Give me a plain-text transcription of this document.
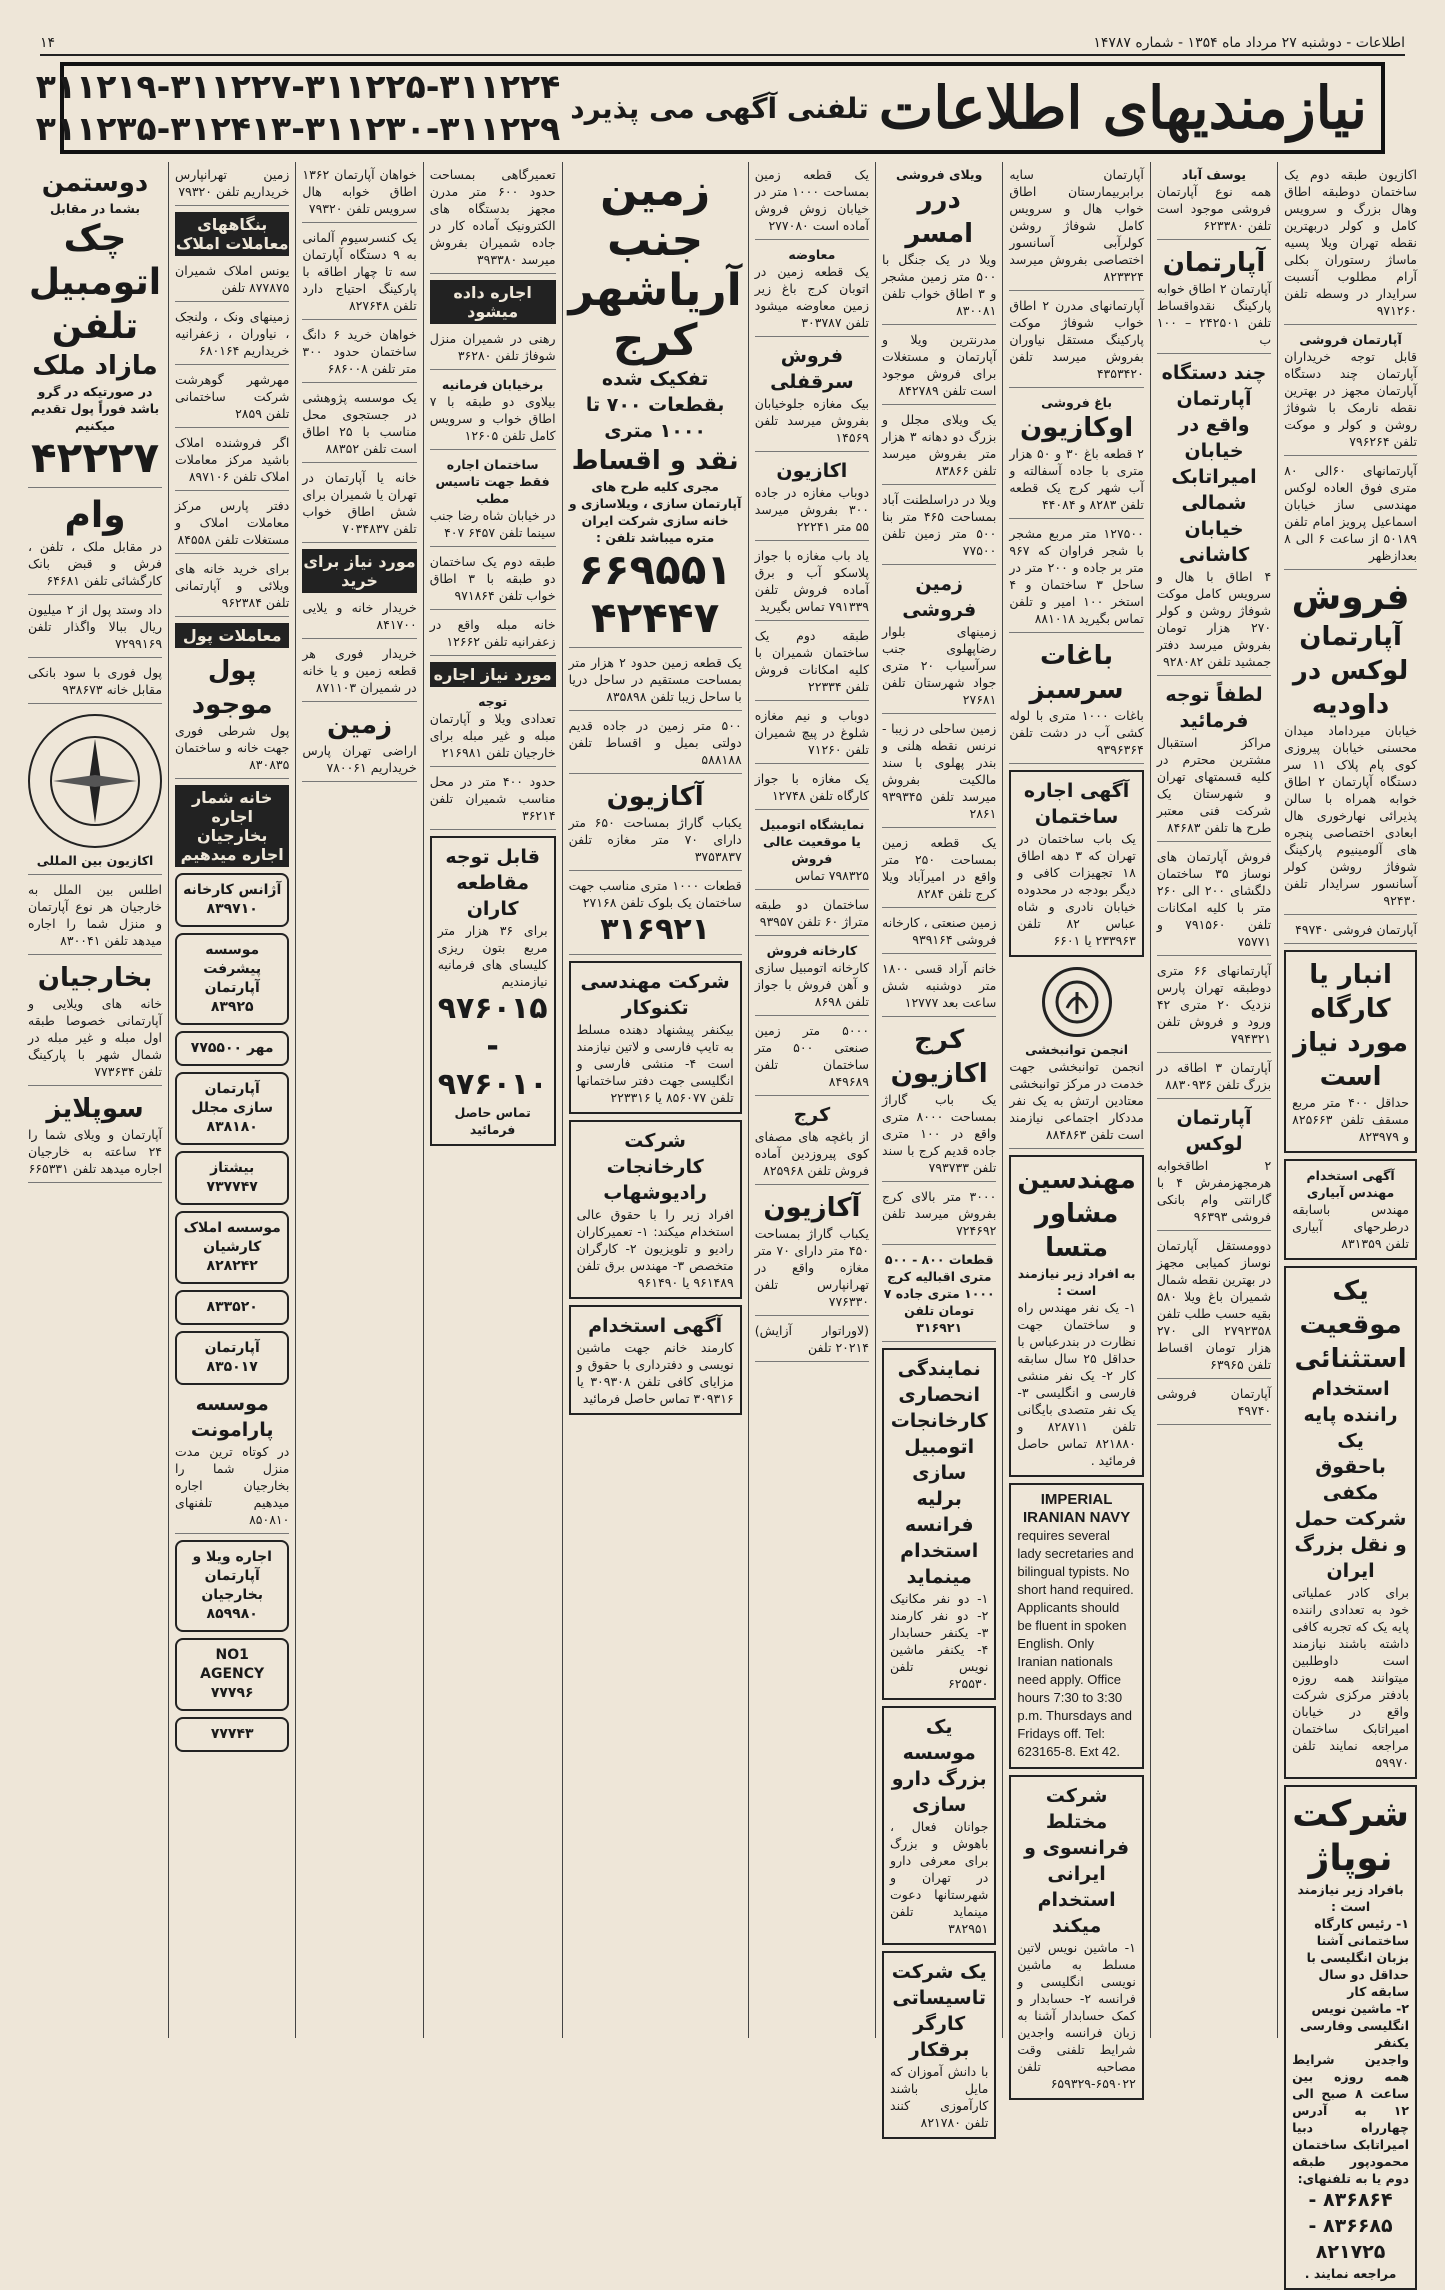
اطلاعات - دوشنبه ۲۷ مرداد ماه ۱۳۵۴ - شماره ۱۴۷۸۷
۱۴
نیازمندیهای اطلاعات
تلفنی آگهی می پذیرد
۳۱۱۲۱۹-۳۱۱۲۲۷-۳۱۱۲۲۵-۳۱۱۲۲۴
۳۱۱۲۳۵-۳۱۲۴۱۳-۳۱۱۲۳۰-۳۱۱۲۲۹
اکازیون طبقه دوم یک ساختمان دوطبقه اطاق وهال بزرگ و سرویس کامل و کولر دربهترین نقطه تهران ویلا پسیه ماساژ رستوران بکلی آرام مطلوب آنسبت سرایدار در وسطه تلفن ۹۷۱۲۶۰
آپارتمان فروشی
قابل توجه خریداران آپارتمان چند دستگاه آپارتمان مجهز در بهترین نقطه نارمک با شوفاژ روشن و کولر و موکت تلفن ۷۹۶۲۶۴
آپارتمانهای ۶۰الی ۸۰ متری فوق العاده لوکس مهندسی ساز خیابان اسماعیل پرویز امام تلفن ۵۰۱۸۹ از ساعت ۶ الی ۸ بعدازظهر
فروش
آپارتمان
لوکس در
داودیه
خیابان میرداماد میدان محسنی خیابان پیروزی کوی پام پلاک ۱۱ سر دستگاه آپارتمان ۲ اطاق خوابه همراه با سالن پذیرائی نهارخوری هال ابعادی اختصاصی پنجره های آلومینیوم پارکینگ شوفاژ روشن کولر آسانسور سرایدار تلفن ۹۲۴۳۰
آپارتمان فروشی ۴۹۷۴۰
انبار یا کارگاه
مورد نیاز است
حداقل ۴۰۰ متر مربع مسقف تلفن ۸۲۵۶۶۳ و ۸۲۳۹۷۹
آگهی استخدام مهندس آبیاری
مهندس باسابقه درطرحهای آبیاری تلفن ۸۳۱۳۵۹
یک موقعیت استثنائی
استخدام راننده پایه یک
باحقوق مکفی
شرکت حمل و نقل بزرگ ایران
برای کادر عملیاتی خود به تعدادی راننده پایه یک که تجربه کافی داشته باشند نیازمند است داوطلبین میتوانند همه روزه بادفتر مرکزی شرکت واقع در خیابان امیراتابک ساختمان مراجعه نمایند تلفن ۵۹۹۷۰
شرکت نوپاژ
بافراد زیر نیازمند است :
۱- رئیس کارگاه ساختمانی آشنا بزبان انگلیسی با حداقل دو سال سابقه کار
۲- ماشین نویس انگلیسی وفارسی یکنفر
واجدین شرایط همه روزه بین ساعت ۸ صبح الی ۱۲ به آدرس چهارراه دبیا امیراتابک ساختمان محمودپور طبقه دوم یا به تلفنهای:
۸۳۶۸۶۴ - ۸۳۶۶۸۵ - ۸۲۱۷۲۵
مراجعه نمایند .
یوسف آباد
همه نوع آپارتمان فروشی موجود است تلفن ۶۲۳۳۸۰
آپارتمان
آپارتمان ۲ اطاق خوابه پارکینگ نقدواقساط تلفن ۲۴۲۵۰۱ – ۱۰۰ ب
چند دستگاه آپارتمان واقع در خیابان امیراتابک شمالی خیابان کاشانی
۴ اطاق با هال و سرویس کامل موکت شوفاژ روشن و کولر ۲۷۰ هزار تومان بفروش میرسد دفتر جمشید تلفن ۹۲۸۰۸۲
لطفاً توجه فرمائید
مراکز استقبال مشترین محترم در کلیه قسمتهای تهران و شهرستان یک شرکت فنی معتبر طرح ها تلفن ۸۴۶۸۳
فروش آپارتمان های نوساز ۳۵ ساختمان دلگشای ۲۰۰ الی ۲۶۰ متر با کلیه امکانات تلفن ۷۹۱۵۶۰ و ۷۵۷۷۱
آپارتمانهای ۶۶ متری دوطبقه تهران پارس نزدیک ۲۰ متری ۴۲ ورود و فروش تلفن ۷۹۴۳۲۱
آپارتمان ۳ اطاقه در بزرگ تلفن ۸۸۳۰۹۳۶
آپارتمان لوکس
۲ اطاقخوابه هرمجهزمفرش ۴ با گارانتی وام بانکی فروشی ۹۶۳۹۳
دوومستقل آپارتمان نوساز کمیابی مجهز در بهترین نقطه شمال شمیران باغ ویلا ۵۸۰ بقیه حسب طلب تلفن ۲۷۹۲۳۵۸ الی ۲۷۰ هزار تومان اقساط تلفن ۶۳۹۶۵
آپارتمان فروشی ۴۹۷۴۰
آپارتمان سایه برابربیمارستان اطاق خواب هال و سرویس کامل شوفاژ روشن کولرآبی آسانسور اختصاصی بفروش میرسد ۸۲۳۳۲۴
آپارتمانهای مدرن ۲ اطاق خواب شوفاژ موکت پارکینگ مستقل نیاوران بفروش میرسد تلفن ۴۳۵۳۴۲۰
باغ فروشی
اوکازیون
۲ قطعه باغ ۳۰ و ۵۰ هزار متری با جاده آسفالته و آب شهر کرج یک قطعه تلفن ۸۲۸۳ و ۴۴۰۸۴
۱۲۷۵۰۰ متر مربع مشجر با شجر فراوان که ۹۶۷ متر بر جاده و ۲۰۰ متر در ساحل ۳ ساختمان و ۴ استخر ۱۰۰ امیر و تلفن تماس بگیرید ۸۸۱۰۱۸
باغات
سرسبز
باغات ۱۰۰۰ متری با لوله کشی آب در دشت تلفن ۹۳۹۶۳۶۴
آگهی اجاره ساختمان
یک باب ساختمان در تهران که ۳ دهه اطاق ۱۸ تجهیزات کافی و دیگر بودجه در محدوده خیابان نادری و شاه عباس ۸۲ تلفن ۲۳۳۹۶۳ یا ۶۶۰۱
انجمن توانبخشی
انجمن توانبخشی جهت خدمت در مرکز توانبخشی معتادین ارتش به یک نفر مددکار اجتماعی نیازمند است تلفن ۸۸۴۸۶۳
مهندسین مشاور متسا
به افراد زیر نیازمند است :
۱- یک نفر مهندس راه و ساختمان جهت نظارت در بندرعباس با حداقل ۲۵ سال سابقه کار ۲- یک نفر منشی فارسی و انگلیسی ۳- یک نفر متصدی بایگانی تلفن ۸۲۸۷۱۱ و ۸۲۱۸۸۰ تماس حاصل فرمائید .
IMPERIAL IRANIAN NAVY
requires several lady secretaries and bilingual typists. No short hand required. Applicants should be fluent in spoken English. Only Iranian nationals need apply. Office hours 7:30 to 3:30 p.m. Thursdays and Fridays off. Tel: 623165-8. Ext 42.
شرکت مختلط فرانسوی و ایرانی استخدام میکند
۱- ماشین نویس لاتین مسلط به ماشین نویسی انگلیسی و فرانسه ۲- حسابدار و کمک حسابدار آشنا به زبان فرانسه واجدین شرایط تلفنی وقت مصاحبه تلفن ۶۵۹۰۲۲-۶۵۹۳۲۹
ویلای فروشی
درر امسر
ویلا در یک جنگل با ۵۰۰ متر زمین مشجر و ۳ اطاق خواب تلفن ۸۳۰۰۸۱
مدرنترین ویلا و آپارتمان و مستغلات برای فروش موجود است تلفن ۸۴۲۷۸۹
یک ویلای مجلل و بزرگ دو دهانه ۳ هزار متر بفروش میرسد تلفن ۸۳۸۶۶
ویلا در دراسلطنت آباد بمساحت ۴۶۵ متر بنا ۵۰۰ متر زمین تلفن ۷۷۵۰۰
زمین فروشی
زمینهای بلوار رضاپهلوی جنب سرآسیاب ۲۰ متری جواد شهرستان تلفن ۲۷۶۸۱
زمین ساحلی در زیبا - نرنس نقطه هلنی و بندر پهلوی با سند مالکیت بفروش میرسد تلفن ۹۳۹۳۴۵ ۲۸۶۱
یک قطعه زمین بمساحت ۲۵۰ متر واقع در امیرآباد ویلا کرج تلفن ۸۲۸۴
زمین صنعتی ، کارخانه فروشی ۹۳۹۱۶۴
خانم آراد قسی ۱۸۰۰ متر دوشنبه شش ساعت بعد ۱۲۷۷۷
کرج
اکازیون
یک باب گاراژ بمساحت ۸۰۰۰ متری واقع در ۱۰۰ متری جاده قدیم کرج با سند تلفن ۷۹۳۷۳۳
۳۰۰۰ متر بالای کرج بفروش میرسد تلفن ۷۲۴۶۹۲
قطعات ۸۰۰ - ۵۰۰ متری اقبالیه کرج ۱۰۰۰ متری جاده ۷ تومان تلفن ۳۱۶۹۲۱
نمایندگی انحصاری کارخانجات اتومبیل سازی برلیه فرانسه استخدام مینماید
۱- دو نفر مکانیک ۲- دو نفر کارمند ۳- یکنفر حسابدار ۴- یکنفر ماشین نویس تلفن ۶۲۵۵۳۰
یک موسسه بزرگ دارو سازی
جوانان فعال ، باهوش و بزرگ برای معرفی دارو در تهران و شهرستانها دعوت مینماید تلفن ۳۸۲۹۵۱
یک شرکت تاسیساتی کارگر برقکار
با دانش آموزان که مایل باشند کارآموزی کنند تلفن ۸۲۱۷۸۰
یک قطعه زمین بمساحت ۱۰۰۰ متر در خیابان زوش فروش آماده است ۲۷۷۰۸۰
معاوضه
یک قطعه زمین در اتوبان کرج باغ زیر زمین معاوضه میشود تلفن ۳۰۳۷۸۷
فروش سرقفلی
بیک مغازه جلوخیابان بفروش میرسد تلفن ۱۴۵۶۹
اکازیون
دوباب مغازه در جاده ۳۰۰ بفروش میرسد ۵۵ متر ۲۲۲۴۱
یاد باب مغازه با جواز پلاسکو آب و برق آماده فروش تلفن ۷۹۱۳۳۹ تماس بگیرید
طبقه دوم یک ساختمان شمیران با کلیه امکانات فروش تلفن ۲۲۳۳۴
دوباب و نیم مغازه شلوغ در پیچ شمیران تلفن ۷۱۲۶۰
یک مغازه با جواز کارگاه تلفن ۱۲۷۴۸
نمایشگاه اتومبیل یا موقعیت عالی فروش
۷۹۸۳۲۵ تماس
ساختمان دو طبقه متراژ ۶۰ تلفن ۹۳۹۵۷
کارخانه فروش
کارخانه اتومبیل سازی و آهن فروش با جواز تلفن ۸۶۹۸
۵۰۰۰ متر زمین صنعتی ۵۰۰ متر ساختمان تلفن ۸۴۹۶۸۹
کرج
از باغچه های مصفای کوی پیروزدین آماده فروش تلفن ۸۲۵۹۶۸
آکازیون
یکباب گاراژ بمساحت ۴۵۰ متر دارای ۷۰ متر مغازه واقع در تهرانپارس تلفن ۷۷۶۳۳۰
(لاوراتوار آزایش) ۲۰۲۱۴ تلفن
زمین جنب آریاشهر کرج
تفکیک شده بقطعات ۷۰۰ تا ۱۰۰۰ متری
نقد و اقساط
مجری کلیه طرح های آپارتمان سازی ، ویلاسازی و خانه سازی شرکت ایران متره میباشد تلفن :
۶۶۹۵۵۱
۴۲۴۴۷
یک قطعه زمین حدود ۲ هزار متر بمساحت مستقیم در ساحل دریا با ساحل زیبا تلفن ۸۳۵۸۹۸
۵۰۰ متر زمین در جاده قدیم دولتی بمیل و اقساط تلفن ۵۸۸۱۸۸
آکازیون
یکباب گاراژ بمساحت ۶۵۰ متر دارای ۷۰ متر مغازه تلفن ۳۷۵۳۸۳۷
قطعات ۱۰۰۰ متری مناسب جهت ساختمان یک بلوک تلفن ۲۷۱۶۸
۳۱۶۹۲۱
شرکت مهندسی تکنوکار
بیکنفر پیشنهاد دهنده مسلط به تایپ فارسی و لاتین نیازمند است ۴- منشی فارسی و انگلیسی جهت دفتر ساختمانها تلفن ۸۵۶۰۷۷ یا ۲۲۳۳۱۶
شرکت کارخانجات رادیوشهاب
افراد زیر را با حقوق عالی استخدام میکند: ۱- تعمیرکاران رادیو و تلویزیون ۲- کارگران متخصص ۳- مهندس برق تلفن ۹۶۱۴۸۹ یا ۹۶۱۴۹۰
آگهی استخدام
کارمند خانم جهت ماشین نویسی و دفترداری با حقوق و مزایای کافی تلفن ۳۰۹۳۰۸ یا ۳۰۹۳۱۶ تماس حاصل فرمائید
تعمیرگاهی بمساحت حدود ۶۰۰ متر مدرن مجهز بدستگاه های الکترونیک آماده کار در جاده شمیران بفروش میرسد ۳۹۳۳۸۰
اجاره داده میشود
رهنی در شمیران منزل شوفاژ تلفن ۳۶۲۸۰
برخیابان فرمانیه
بیلاوی دو طبقه با ۷ اطاق خواب و سرویس کامل تلفن ۱۲۶۰۵
ساختمان اجاره
فقط جهت تاسیس مطب
در خیابان شاه رضا جنب سینما تلفن ۶۴۵۷ ۴۰۷
طبقه دوم یک ساختمان دو طبقه با ۳ اطاق خواب تلفن ۹۷۱۸۶۴
خانه مبله واقع در زعفرانیه تلفن ۱۲۶۶۲
مورد نیاز اجاره
توجه
تعدادی ویلا و آپارتمان مبله و غیر مبله برای خارجیان تلفن ۲۱۶۹۸۱
حدود ۴۰۰ متر در محل مناسب شمیران تلفن ۳۶۲۱۴
قابل توجه مقاطعه کاران
برای ۳۶ هزار متر مربع بتون ریزی کلیسای های فرمانیه نیازمندیم
۹۷۶۰۱۵ - ۹۷۶۰۱۰
تماس حاصل فرمائید
خواهان آپارتمان ۱۳۶۲ اطاق خوابه هال سرویس تلفن ۷۹۳۲۰
یک کنسرسیوم آلمانی به ۹ دستگاه آپارتمان سه تا چهار اطاقه با پارکینگ احتیاج دارد تلفن ۸۲۷۶۴۸
خواهان خرید ۶ دانگ ساختمان حدود ۳۰۰ متر تلفن ۶۸۶۰۰۸
یک موسسه پژوهشی در جستجوی محل مناسب با ۲۵ اطاق است تلفن ۸۸۳۵۲
خانه یا آپارتمان در تهران یا شمیران برای شش اطاق خواب تلفن ۷۰۳۴۸۳۷
مورد نیاز برای خرید
خریدار خانه و یلایی ۸۴۱۷۰۰
خریدار فوری هر قطعه زمین و یا خانه در شمیران ۸۷۱۱۰۳
زمین
اراضی تهران پارس خریداریم ۷۸۰۰۶۱
زمین تهرانپارس خریداریم تلفن ۷۹۳۲۰
بنگاههای معاملات املاک
یونس املاک شمیران ۸۷۷۸۷۵ تلفن
زمینهای ونک ، ولنجک ، نیاوران ، زعفرانیه خریداریم ۶۸۰۱۶۴
مهرشهر گوهرشت شرکت ساختمانی تلفن ۲۸۵۹
اگر فروشنده املاک باشید مرکز معاملات املاک تلفن ۸۹۷۱۰۶
دفتر پارس مرکز معاملات املاک و مستغلات تلفن ۸۴۵۵۸
برای خرید خانه های ویلائی و آپارتمانی تلفن ۹۶۲۳۸۴
معاملات پول
پول موجود
پول شرطی فوری جهت خانه و ساختمان ۸۳۰۸۳۵
خانه شمار اجاره بخارجیان اجاره میدهیم
آژانس کارخانه ۸۳۹۷۱۰
موسسه پیشرفت آپارتمان ۸۳۹۲۵
مهر ۷۷۵۵۰۰
آپارتمان سازی مجلل ۸۳۸۱۸۰
بیشتاز ۷۳۷۷۴۷
موسسه املاک کارشیان ۸۲۸۲۴۲
۸۳۳۵۲۰
آپارتمان ۸۳۵۰۱۷
موسسه پارامونت
در کوتاه ترین مدت منزل شما را بخارجیان اجاره میدهیم تلفنهای ۸۵۰۸۱۰
اجاره ویلا و آپارتمان بخارجیان ۸۵۹۹۸۰
NO1 AGENCY ۷۷۷۹۶
۷۷۷۴۳
دوستمن
بشما در مقابل
چک
اتومبیل
تلفن
مازاد ملک
در صورتیکه در گرو باشد فوراً پول تقدیم میکنیم
۴۲۲۲۷
وام
در مقابل ملک ، تلفن ، فرش و قبض بانک کارگشائی تلفن ۶۴۶۸۱
داد وستد پول از ۲ میلیون ریال ببالا واگذار تلفن ۷۲۹۹۱۶۹
پول فوری با سود بانکی مقابل خانه ۹۳۸۶۷۳
اکازیون بین المللی
اطلس بین الملل به خارجیان هر نوع آپارتمان و منزل شما را اجاره میدهد تلفن ۸۳۰۰۴۱
بخارجیان
خانه های ویلایی و آپارتمانی خصوصا طبقه اول مبله و غیر مبله در شمال شهر با پارکینگ تلفن ۷۷۳۶۳۴
سوپلایز
آپارتمان و ویلای شما را ۲۴ ساعته به خارجیان اجاره میدهد تلفن ۶۶۵۳۳۱
